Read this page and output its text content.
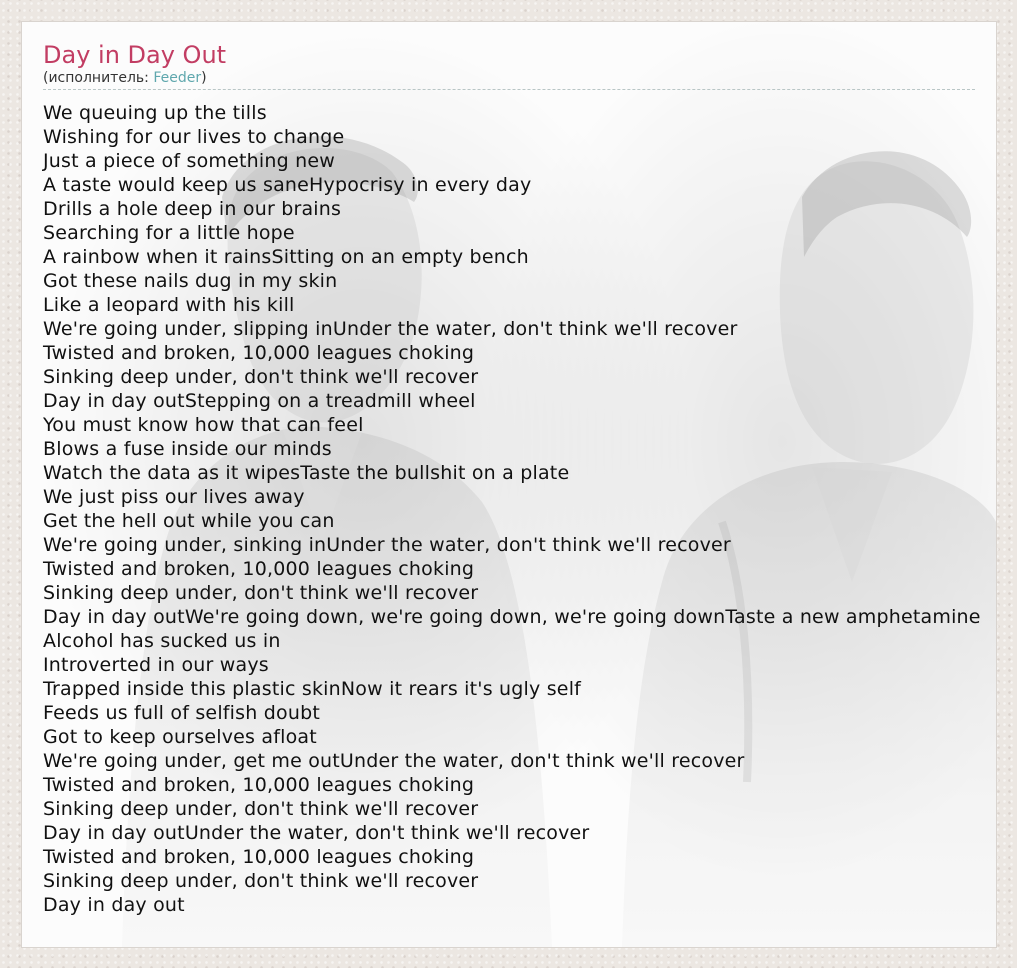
Day in Day Out
(исполнитель: Feeder)
We queuing up the tills
Wishing for our lives to change
Just a piece of something new
A taste would keep us saneHypocrisy in every day
Drills a hole deep in our brains
Searching for a little hope
A rainbow when it rainsSitting on an empty bench
Got these nails dug in my skin
Like a leopard with his kill
We're going under, slipping inUnder the water, don't think we'll recover
Twisted and broken, 10,000 leagues choking
Sinking deep under, don't think we'll recover
Day in day outStepping on a treadmill wheel
You must know how that can feel
Blows a fuse inside our minds
Watch the data as it wipesTaste the bullshit on a plate
We just piss our lives away
Get the hell out while you can
We're going under, sinking inUnder the water, don't think we'll recover
Twisted and broken, 10,000 leagues choking
Sinking deep under, don't think we'll recover
Day in day outWe're going down, we're going down, we're going downTaste a new amphetamine
Alcohol has sucked us in
Introverted in our ways
Trapped inside this plastic skinNow it rears it's ugly self
Feeds us full of selfish doubt
Got to keep ourselves afloat
We're going under, get me outUnder the water, don't think we'll recover
Twisted and broken, 10,000 leagues choking
Sinking deep under, don't think we'll recover
Day in day outUnder the water, don't think we'll recover
Twisted and broken, 10,000 leagues choking
Sinking deep under, don't think we'll recover
Day in day out
